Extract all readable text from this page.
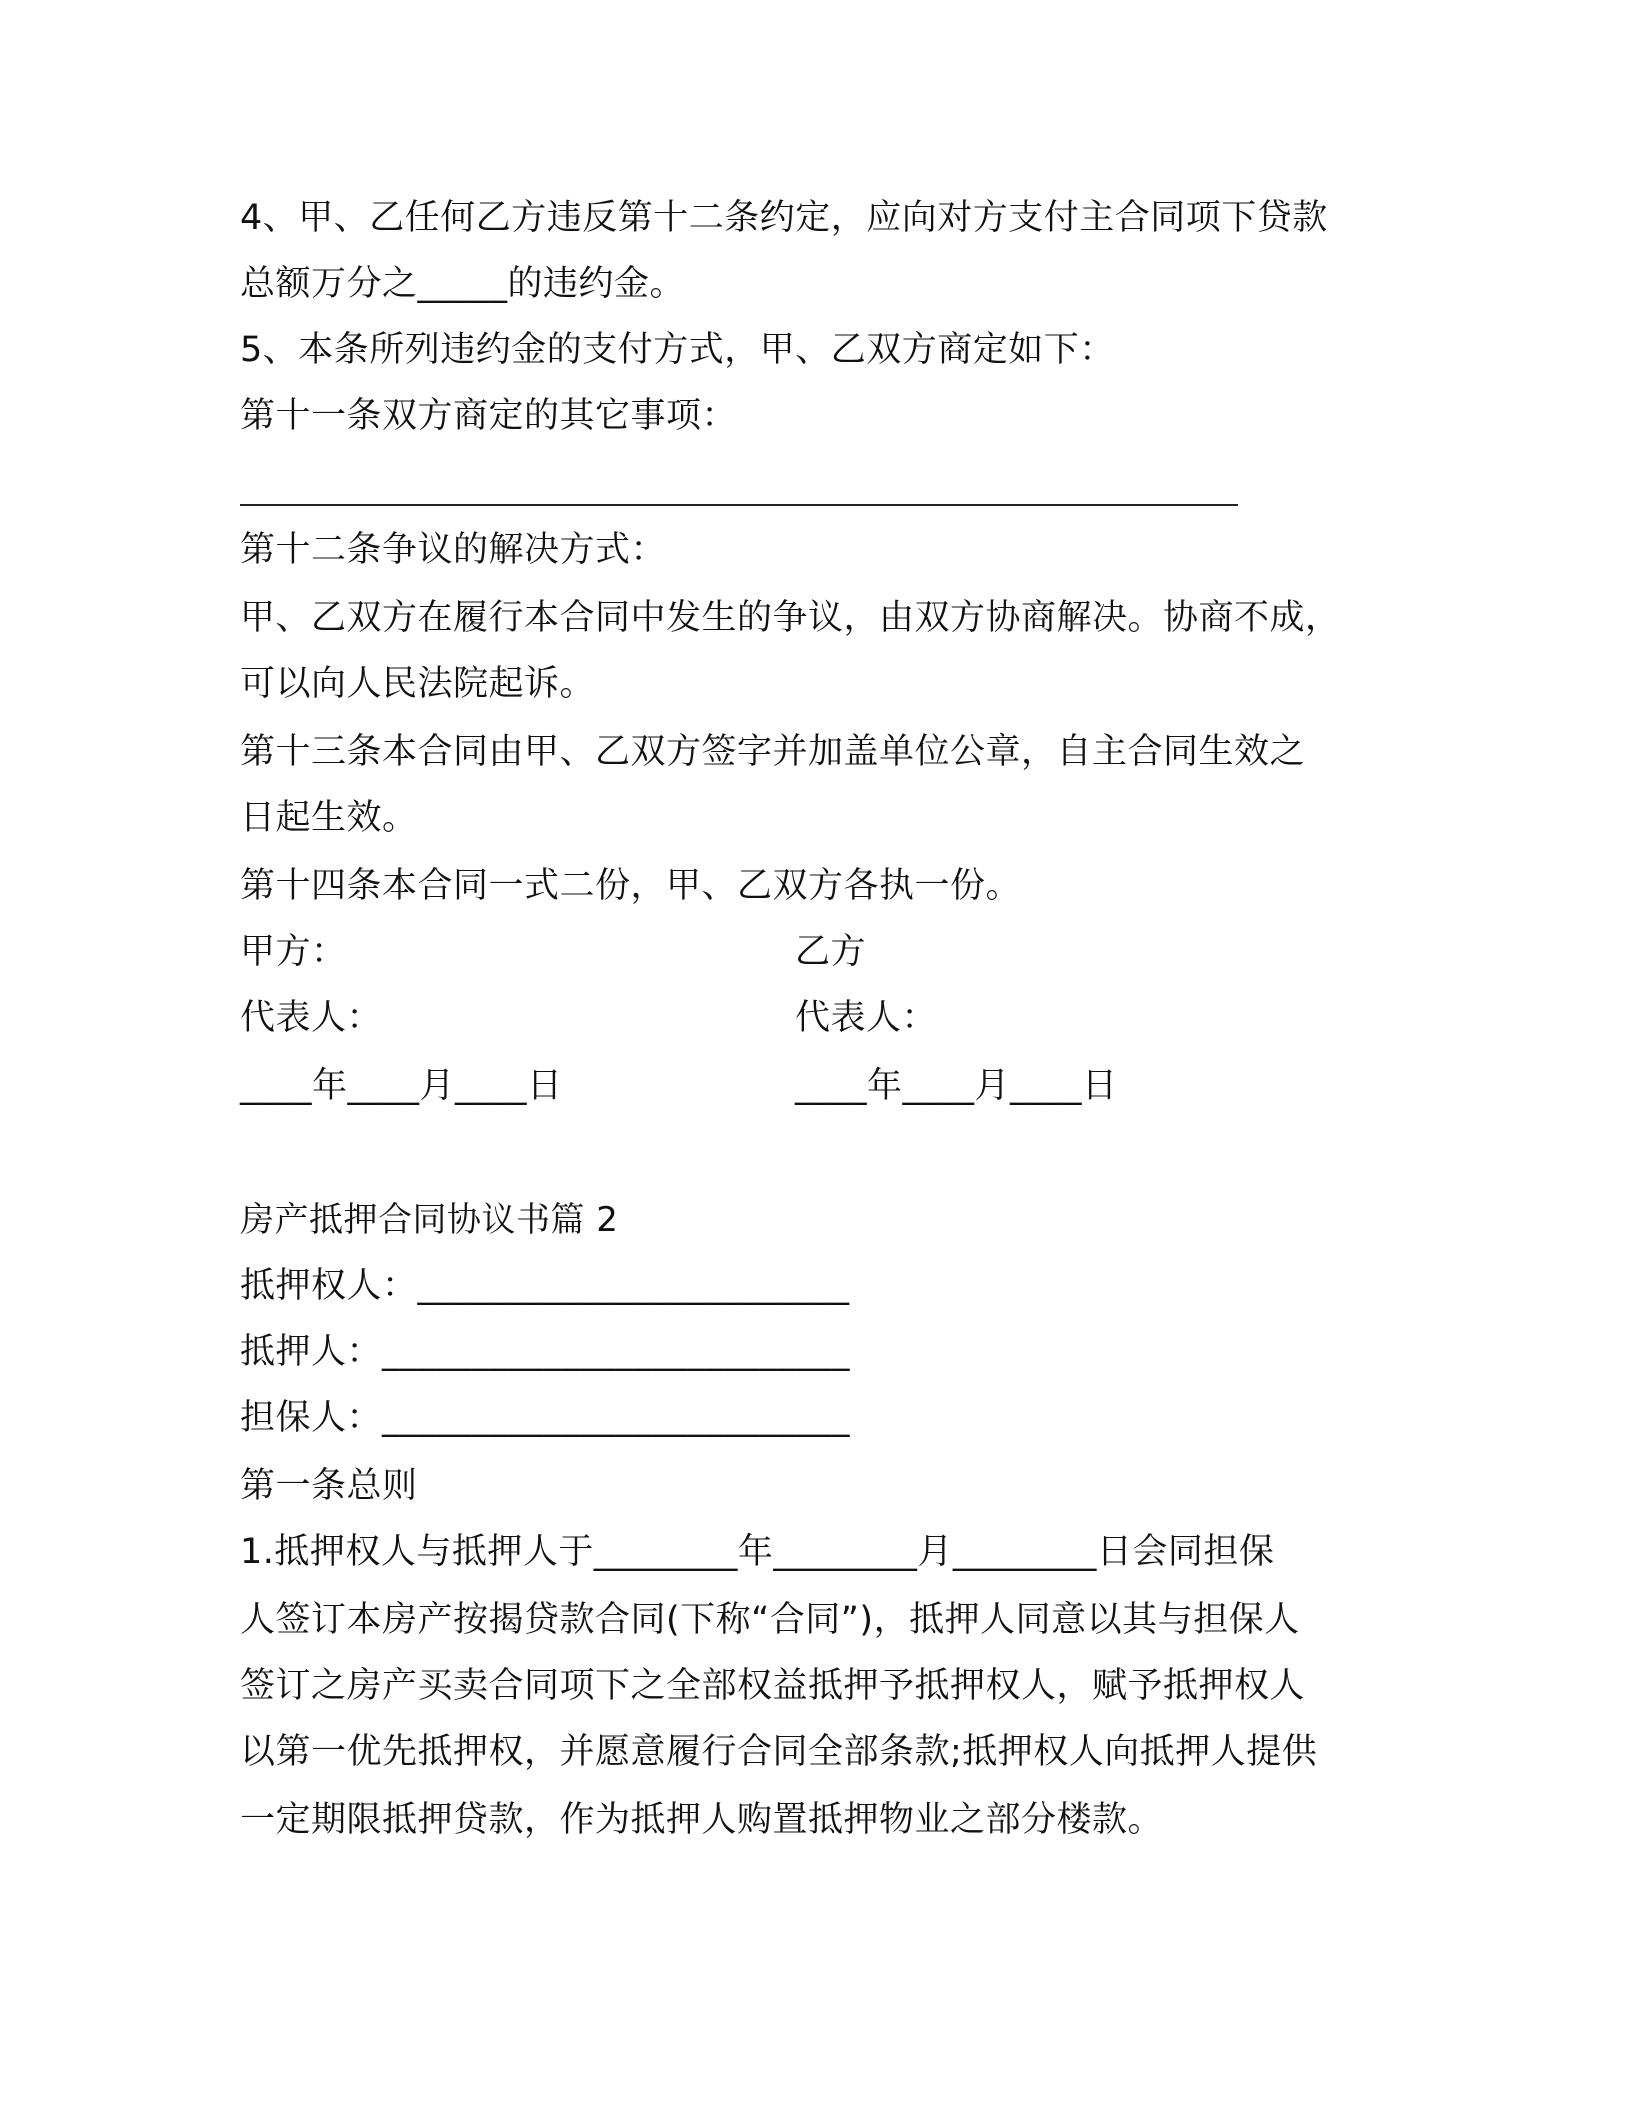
4、甲、乙任何乙方违反第十二条约定，应向对方支付主合同项下贷款
总额万分之_____的违约金。
5、本条所列违约金的支付方式，甲、乙双方商定如下：
第十一条双方商定的其它事项：
第十二条争议的解决方式：
甲、乙双方在履行本合同中发生的争议，由双方协商解决。协商不成，
可以向人民法院起诉。
第十三条本合同由甲、乙双方签字并加盖单位公章，自主合同生效之
日起生效。
第十四条本合同一式二份，甲、乙双方各执一份。
甲方：	乙方
代表人：	代表人：
____年____月____日	____年____月____日
房产抵押合同协议书篇 2
抵押权人：________________________
抵押人：__________________________
担保人：__________________________
第一条总则
1.抵押权人与抵押人于________年________月________日会同担保
人签订本房产按揭贷款合同(下称“合同”)，抵押人同意以其与担保人
签订之房产买卖合同项下之全部权益抵押予抵押权人，赋予抵押权人
以第一优先抵押权，并愿意履行合同全部条款;抵押权人向抵押人提供
一定期限抵押贷款，作为抵押人购置抵押物业之部分楼款。
